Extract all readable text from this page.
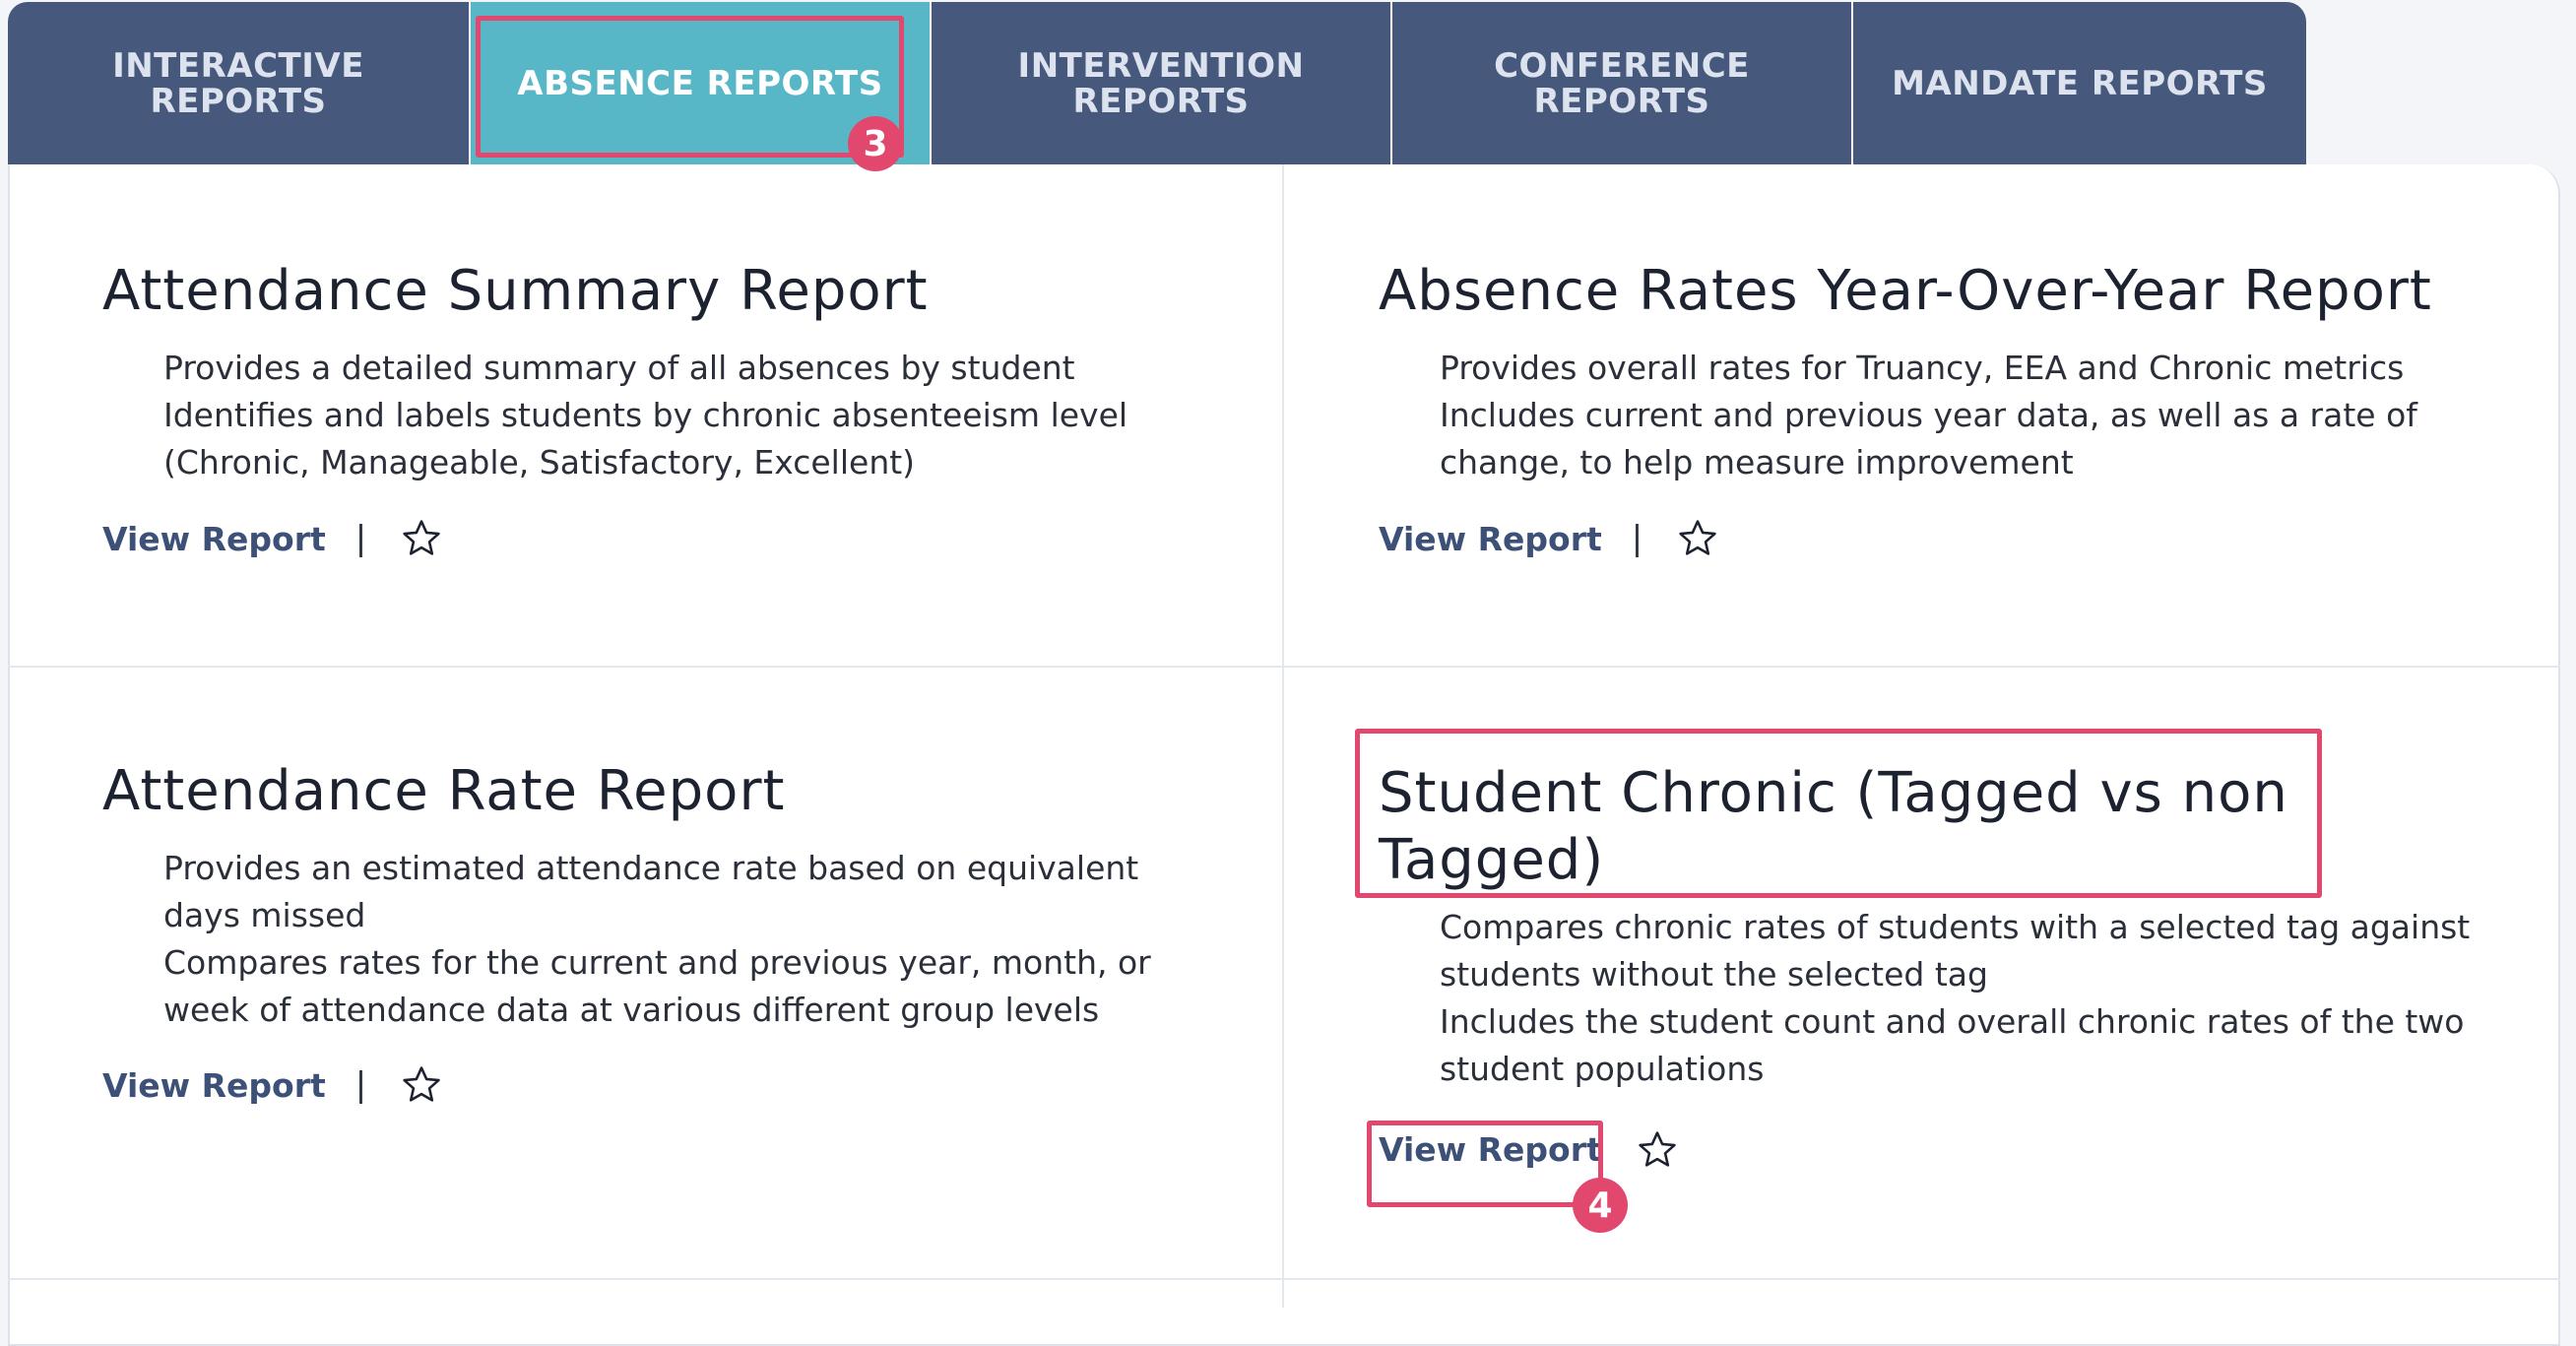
INTERACTIVE
REPORTS	ABSENCE REPORTS	INTERVENTION
REPORTS
CONFERENCE
REPORTS	MANDATE REPORTS
Attendance Summary Report
Provides a detailed summary of all absences by student
Identifies and labels students by chronic absenteeism level
(Chronic, Manageable, Satisfactory, Excellent)
View Report |
Absence Rates Year-Over-Year Report
Provides overall rates for Truancy, EEA and Chronic metrics
Includes current and previous year data, as well as a rate of
change, to help measure improvement
View Report |
Attendance Rate Report
Provides an estimated attendance rate based on equivalent
days missed
Compares rates for the current and previous year, month, or
week of attendance data at various different group levels
View Report |
Student Chronic (Tagged vs non
Tagged)
Compares chronic rates of students with a selected tag against
students without the selected tag
Includes the student count and overall chronic rates of the two
student populations
View Report
3
4
